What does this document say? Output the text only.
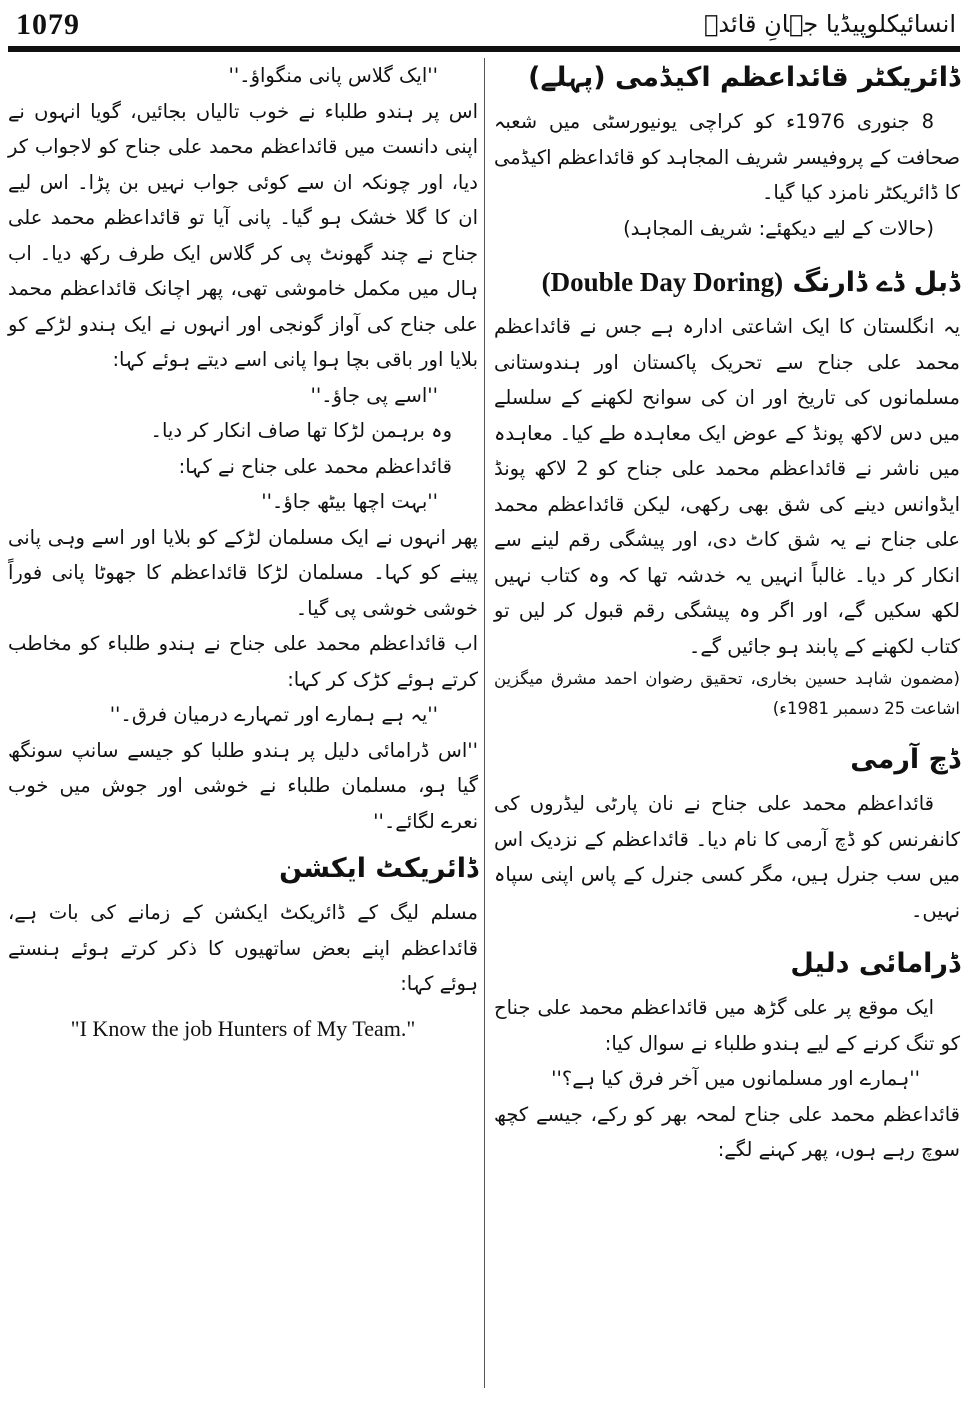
1079	انسائیکلوپیڈیا جہانِ قائدؒ
ڈائریکٹر قائداعظم اکیڈمی (پہلے)

8 جنوری 1976ء کو کراچی یونیورسٹی میں شعبہ صحافت کے پروفیسر شریف المجاہد کو قائداعظم اکیڈمی کا ڈائریکٹر نامزد کیا گیا۔

(حالات کے لیے دیکھئے: شریف المجاہد)

ڈبل ڈے ڈارنگ (Double Day Doring)

یہ انگلستان کا ایک اشاعتی ادارہ ہے جس نے قائداعظم محمد علی جناح سے تحریک پاکستان اور ہندوستانی مسلمانوں کی تاریخ اور ان کی سوانح لکھنے کے سلسلے میں دس لاکھ پونڈ کے عوض ایک معاہدہ طے کیا۔ معاہدہ میں ناشر نے قائداعظم محمد علی جناح کو 2 لاکھ پونڈ ایڈوانس دینے کی شق بھی رکھی، لیکن قائداعظم محمد علی جناح نے یہ شق کاٹ دی، اور پیشگی رقم لینے سے انکار کر دیا۔ غالباً انہیں یہ خدشہ تھا کہ وہ کتاب نہیں لکھ سکیں گے، اور اگر وہ پیشگی رقم قبول کر لیں تو کتاب لکھنے کے پابند ہو جائیں گے۔

(مضمون شاہد حسین بخاری، تحقیق رضوان احمد مشرق میگزین اشاعت 25 دسمبر 1981ء)

ڈچ آرمی

قائداعظم محمد علی جناح نے نان پارٹی لیڈروں کی کانفرنس کو ڈچ آرمی کا نام دیا۔ قائداعظم کے نزدیک اس میں سب جنرل ہیں، مگر کسی جنرل کے پاس اپنی سپاہ نہیں۔

ڈرامائی دلیل

ایک موقع پر علی گڑھ میں قائداعظم محمد علی جناح کو تنگ کرنے کے لیے ہندو طلباء نے سوال کیا:

''ہمارے اور مسلمانوں میں آخر فرق کیا ہے؟''

قائداعظم محمد علی جناح لمحہ بھر کو رکے، جیسے کچھ سوچ رہے ہوں، پھر کہنے لگے:

''ایک گلاس پانی منگواؤ۔''

اس پر ہندو طلباء نے خوب تالیاں بجائیں، گویا انہوں نے اپنی دانست میں قائداعظم محمد علی جناح کو لاجواب کر دیا، اور چونکہ ان سے کوئی جواب نہیں بن پڑا۔ اس لیے ان کا گلا خشک ہو گیا۔ پانی آیا تو قائداعظم محمد علی جناح نے چند گھونٹ پی کر گلاس ایک طرف رکھ دیا۔ اب ہال میں مکمل خاموشی تھی، پھر اچانک قائداعظم محمد علی جناح کی آواز گونجی اور انہوں نے ایک ہندو لڑکے کو بلایا اور باقی بچا ہوا پانی اسے دیتے ہوئے کہا:

''اسے پی جاؤ۔''

وہ برہمن لڑکا تھا صاف انکار کر دیا۔

قائداعظم محمد علی جناح نے کہا:

''بہت اچھا بیٹھ جاؤ۔''

پھر انہوں نے ایک مسلمان لڑکے کو بلایا اور اسے وہی پانی پینے کو کہا۔ مسلمان لڑکا قائداعظم کا جھوٹا پانی فوراً خوشی خوشی پی گیا۔

اب قائداعظم محمد علی جناح نے ہندو طلباء کو مخاطب کرتے ہوئے کڑک کر کہا:

''یہ ہے ہمارے اور تمہارے درمیان فرق۔''

''اس ڈرامائی دلیل پر ہندو طلبا کو جیسے سانپ سونگھ گیا ہو، مسلمان طلباء نے خوشی اور جوش میں خوب نعرے لگائے۔''

ڈائریکٹ ایکشن

مسلم لیگ کے ڈائریکٹ ایکشن کے زمانے کی بات ہے، قائداعظم اپنے بعض ساتھیوں کا ذکر کرتے ہوئے ہنستے ہوئے کہا:

"I Know the job Hunters of My Team."
